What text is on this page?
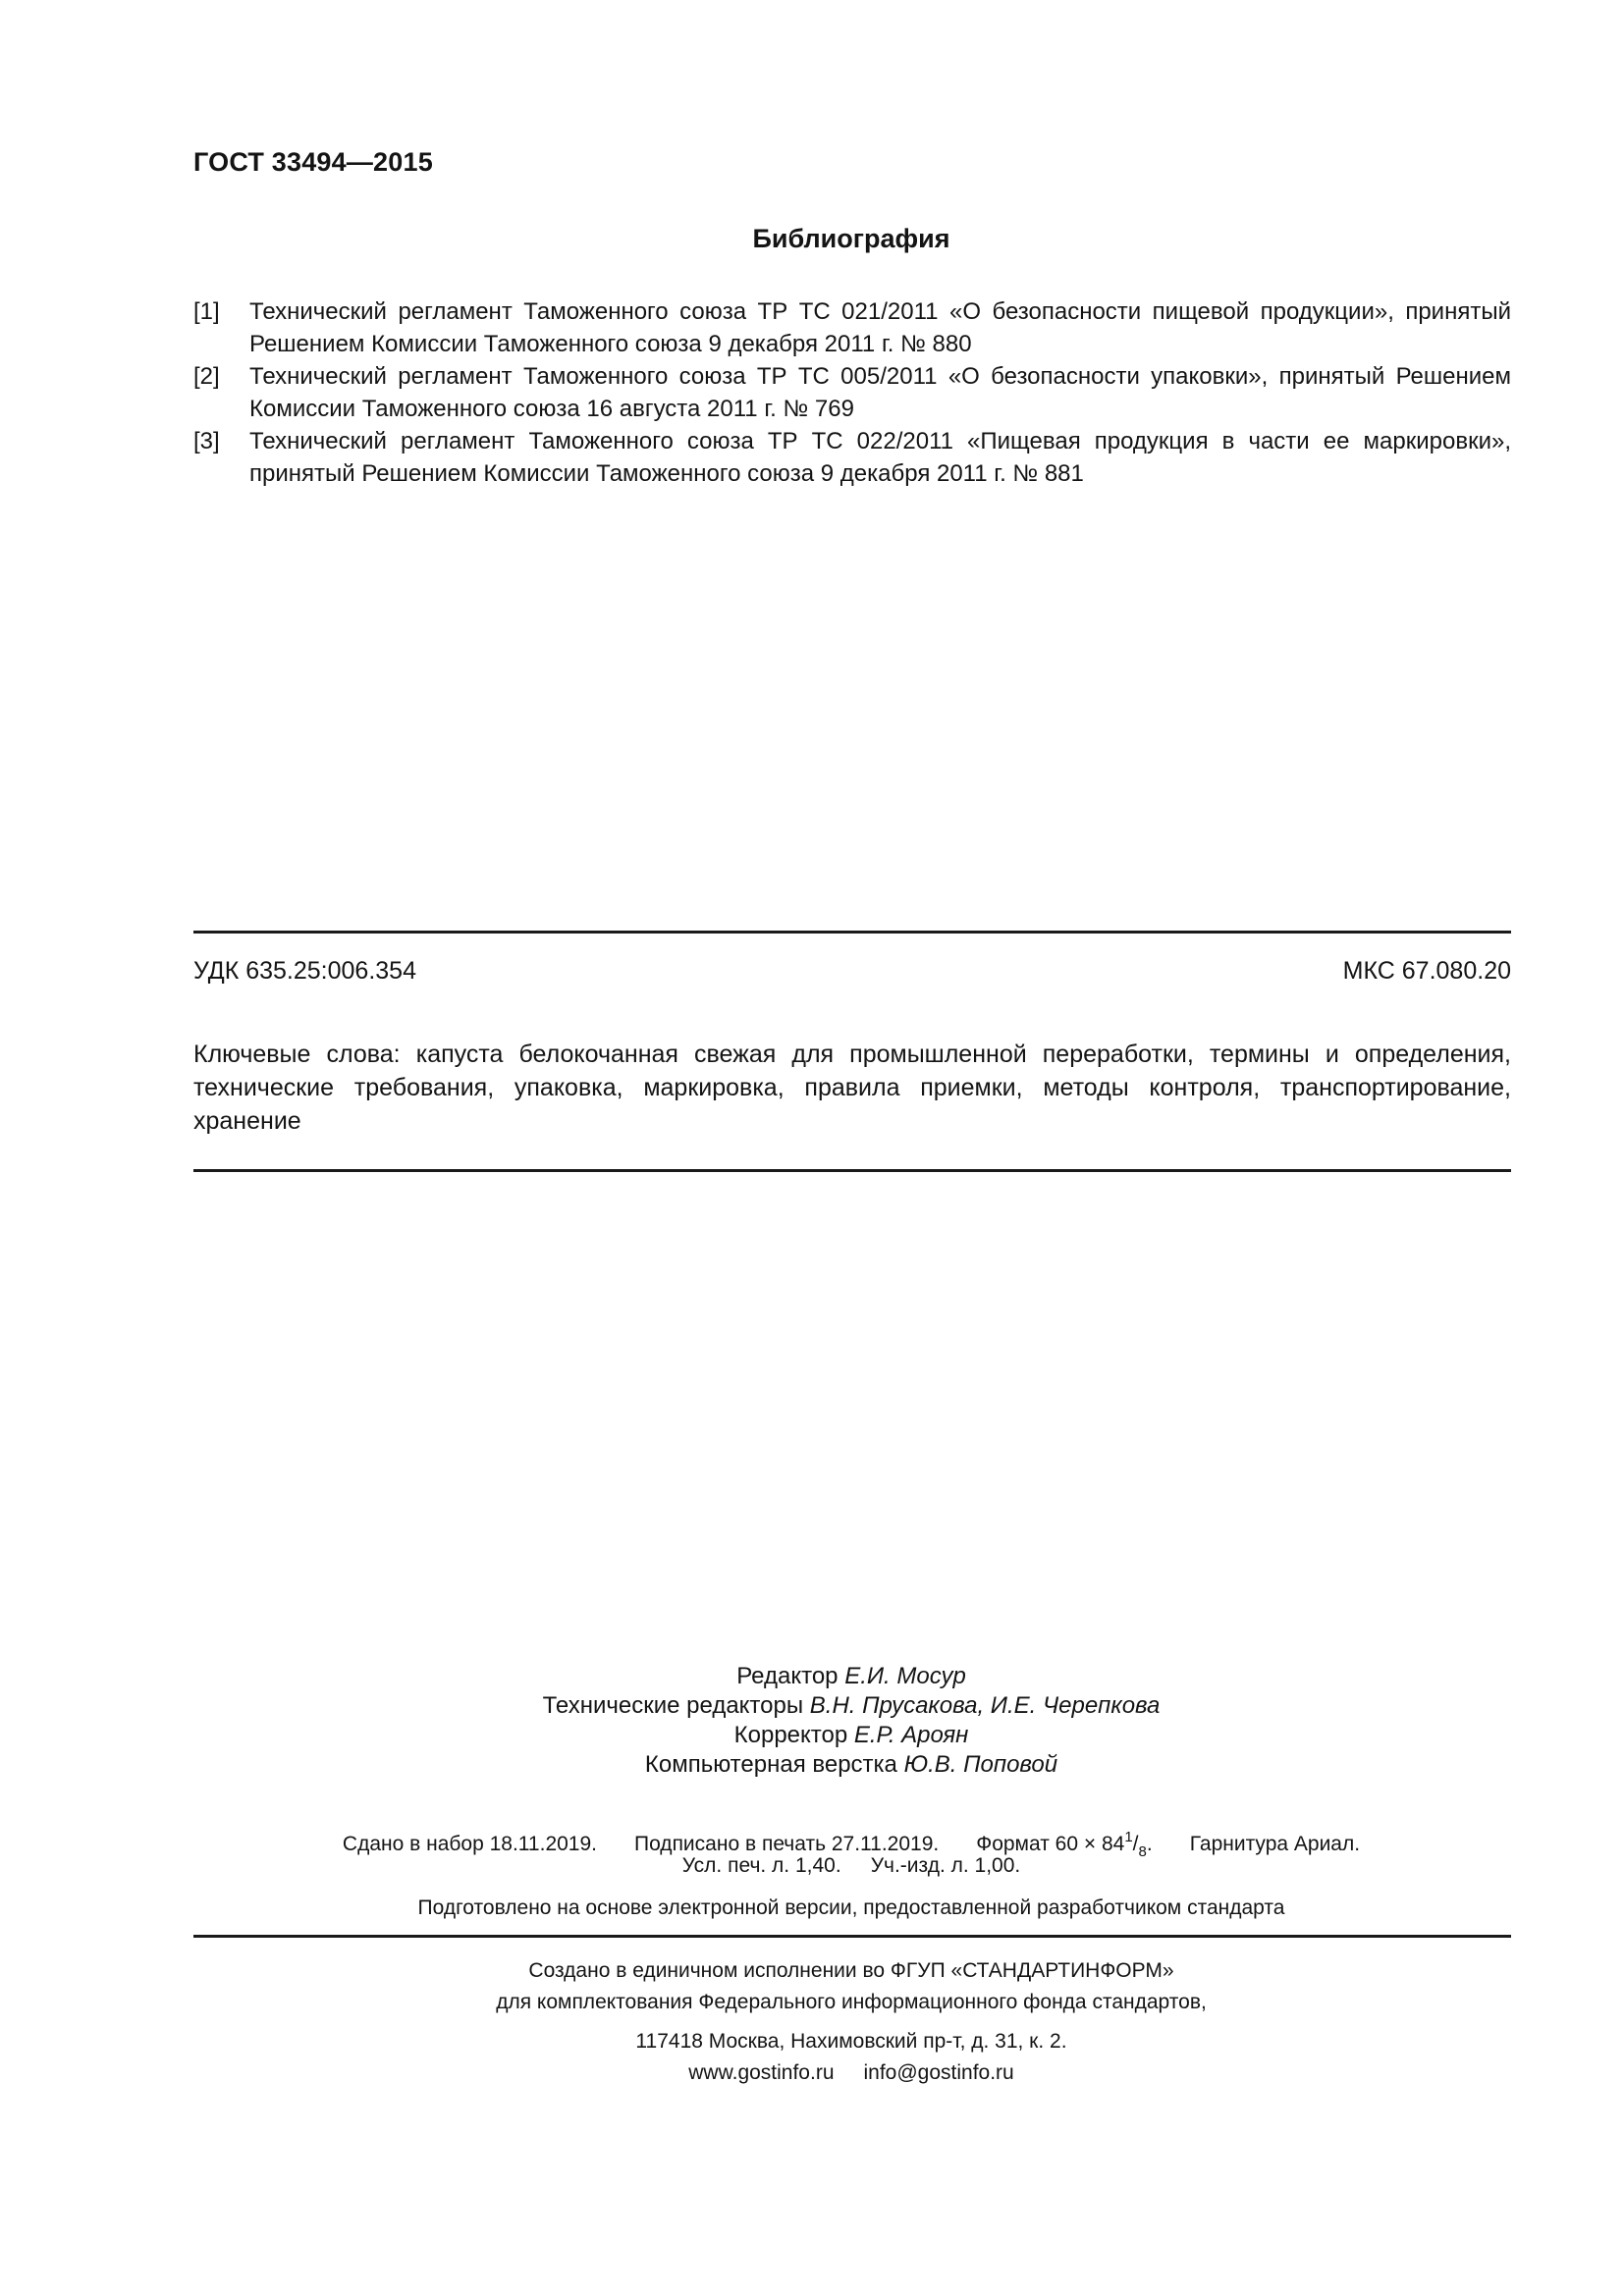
ГОСТ 33494—2015
Библиография
[1] Технический регламент Таможенного союза ТР ТС 021/2011 «О безопасности пищевой продукции», принятый Решением Комиссии Таможенного союза 9 декабря 2011 г. № 880
[2] Технический регламент Таможенного союза ТР ТС 005/2011 «О безопасности упаковки», принятый Решением Комиссии Таможенного союза 16 августа 2011 г. № 769
[3] Технический регламент Таможенного союза ТР ТС 022/2011 «Пищевая продукция в части ее маркировки», принятый Решением Комиссии Таможенного союза 9 декабря 2011 г. № 881
УДК 635.25:006.354	МКС 67.080.20
Ключевые слова: капуста белокочанная свежая для промышленной переработки, термины и определения, технические требования, упаковка, маркировка, правила приемки, методы контроля, транспортирование, хранение
Редактор Е.И. Мосур
Технические редакторы В.Н. Прусакова, И.Е. Черепкова
Корректор Е.Р. Ароян
Компьютерная верстка Ю.В. Поповой
Сдано в набор 18.11.2019. Подписано в печать 27.11.2019. Формат $60 \times 84^1/_8$. Гарнитура Ариал.
Усл. печ. л. 1,40. Уч.-изд. л. 1,00.
Подготовлено на основе электронной версии, предоставленной разработчиком стандарта
Создано в единичном исполнении во ФГУП «СТАНДАРТИНФОРМ»
для комплектования Федерального информационного фонда стандартов,
117418 Москва, Нахимовский пр-т, д. 31, к. 2.
www.gostinfo.ru info@gostinfo.ru
